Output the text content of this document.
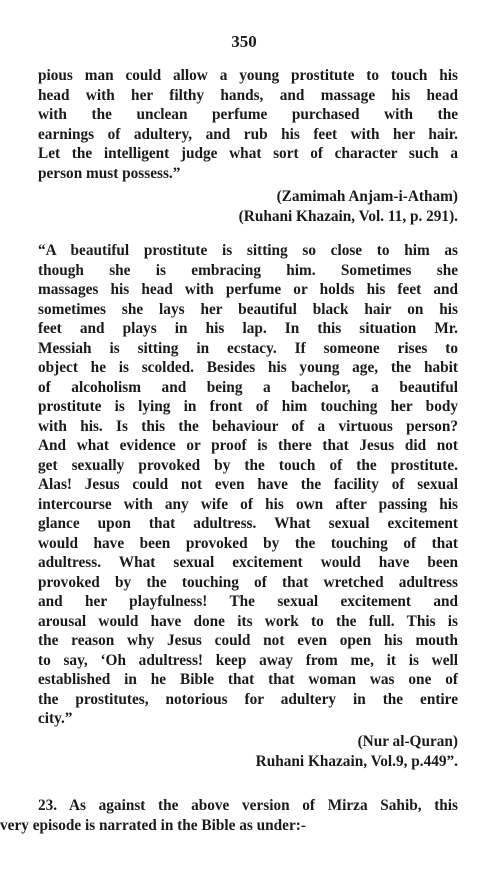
350
pious man could allow a young prostitute to touch his
head with her filthy hands, and massage his head
with the unclean perfume purchased with the
earnings of adultery, and rub his feet with her hair.
Let the intelligent judge what sort of character such a
person must possess.”
(Zamimah Anjam-i-Atham)
(Ruhani Khazain, Vol. 11, p. 291).
“A beautiful prostitute is sitting so close to him as
though she is embracing him. Sometimes she
massages his head with perfume or holds his feet and
sometimes she lays her beautiful black hair on his
feet and plays in his lap. In this situation Mr.
Messiah is sitting in ecstacy. If someone rises to
object he is scolded. Besides his young age, the habit
of alcoholism and being a bachelor, a beautiful
prostitute is lying in front of him touching her body
with his. Is this the behaviour of a virtuous person?
And what evidence or proof is there that Jesus did not
get sexually provoked by the touch of the prostitute.
Alas! Jesus could not even have the facility of sexual
intercourse with any wife of his own after passing his
glance upon that adultress. What sexual excitement
would have been provoked by the touching of that
adultress. What sexual excitement would have been
provoked by the touching of that wretched adultress
and her playfulness! The sexual excitement and
arousal would have done its work to the full. This is
the reason why Jesus could not even open his mouth
to say, ‘Oh adultress! keep away from me, it is well
established in he Bible that that woman was one of
the prostitutes, notorious for adultery in the entire
city.”
(Nur al-Quran)
Ruhani Khazain, Vol.9, p.449”.
23. As against the above version of Mirza Sahib, this
very episode is narrated in the Bible as under:-
